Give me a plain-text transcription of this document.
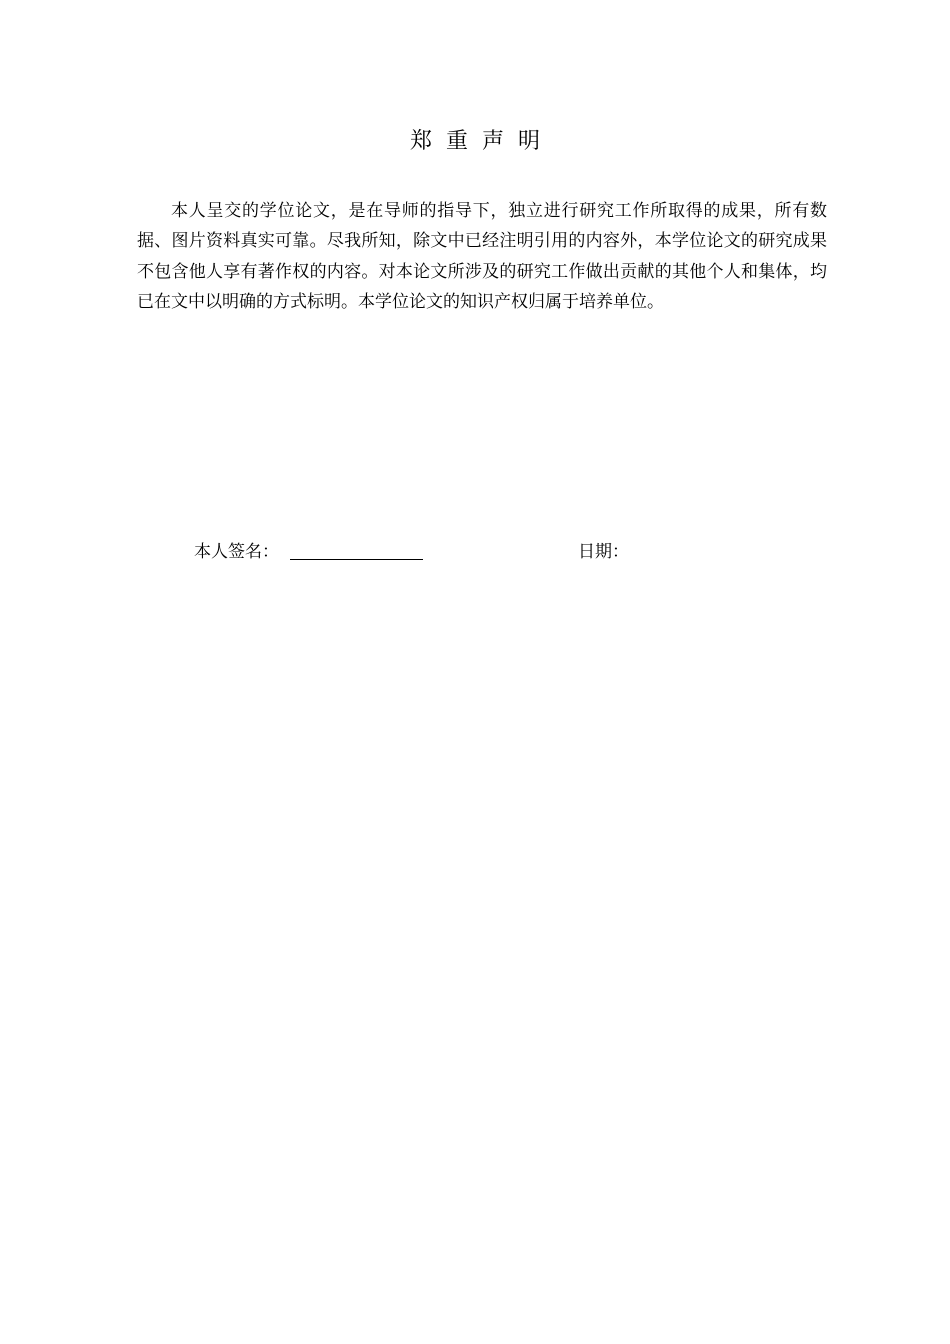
郑重声明
本人呈交的学位论文，是在导师的指导下，独立进行研究工作所取得的成果，所有数据、图片资料真实可靠。尽我所知，除文中已经注明引用的内容外，本学位论文的研究成果不包含他人享有著作权的内容。对本论文所涉及的研究工作做出贡献的其他个人和集体，均已在文中以明确的方式标明。本学位论文的知识产权归属于培养单位。
本人签名：	日期：
